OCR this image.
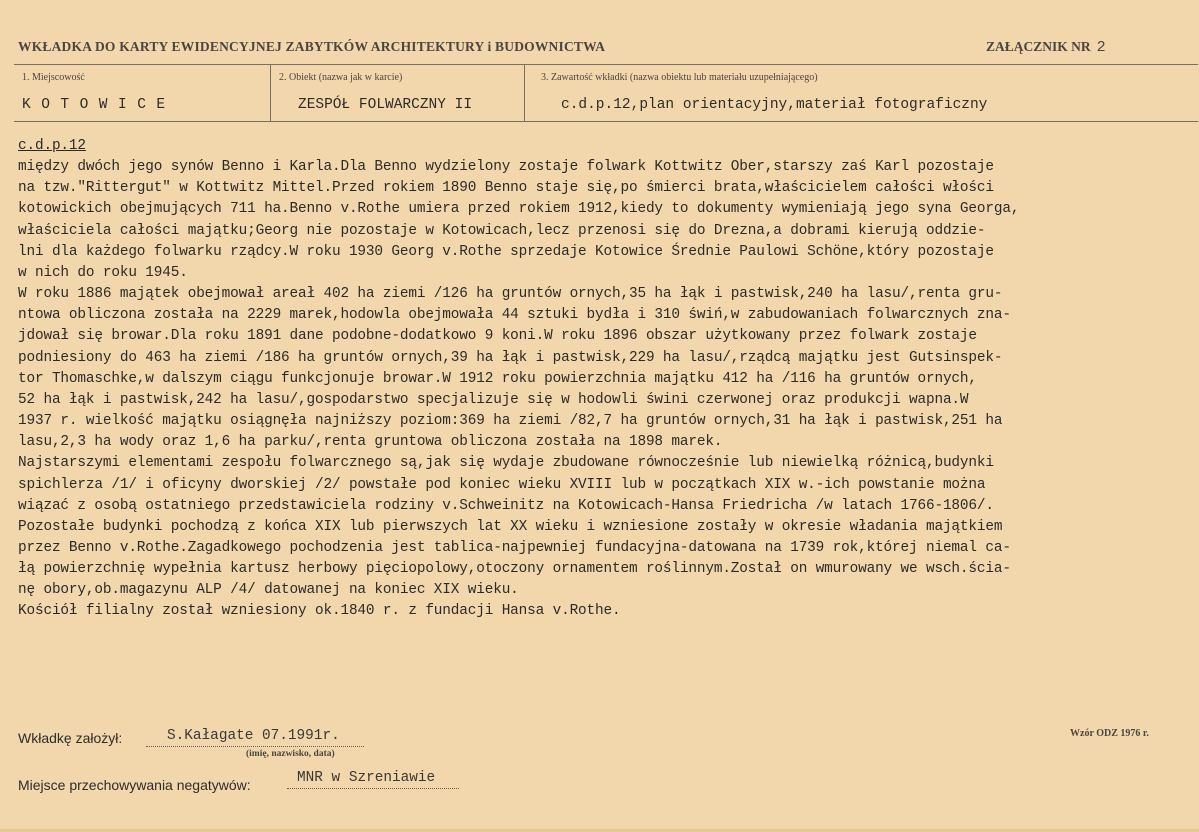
WKŁADKA DO KARTY EWIDENCYJNEJ ZABYTKÓW ARCHITEKTURY i BUDOWNICTWA	ZAŁĄCZNIK NR 2
1. Miejscowość
KOTOWICE
2. Obiekt (nazwa jak w karcie)
ZESPÓŁ FOLWARCZNY II
3. Zawartość wkładki (nazwa obiektu lub materiału uzupełniającego)
c.d.p.12,plan orientacyjny,materiał fotograficzny
c.d.p.12
między dwóch jego synów Benno i Karla.Dla Benno wydzielony zostaje folwark Kottwitz Ober,starszy zaś Karl pozostaje
na tzw."Rittergut" w Kottwitz Mittel.Przed rokiem 1890 Benno staje się,po śmierci brata,właścicielem całości włości
kotowickich obejmujących 711 ha.Benno v.Rothe umiera przed rokiem 1912,kiedy to dokumenty wymieniają jego syna Georga,
właściciela całości majątku;Georg nie pozostaje w Kotowicach,lecz przenosi się do Drezna,a dobrami kierują oddzie-
lni dla każdego folwarku rządcy.W roku 1930 Georg v.Rothe sprzedaje Kotowice Średnie Paulowi Schöne,który pozostaje
w nich do roku 1945.
W roku 1886 majątek obejmował areał 402 ha ziemi /126 ha gruntów ornych,35 ha łąk i pastwisk,240 ha lasu/,renta gru-
ntowa obliczona została na 2229 marek,hodowla obejmowała 44 sztuki bydła i 310 świń,w zabudowaniach folwarcznych zna-
jdował się browar.Dla roku 1891 dane podobne-dodatkowo 9 koni.W roku 1896 obszar użytkowany przez folwark zostaje
podniesiony do 463 ha ziemi /186 ha gruntów ornych,39 ha łąk i pastwisk,229 ha lasu/,rządcą majątku jest Gutsinspek-
tor Thomaschke,w dalszym ciągu funkcjonuje browar.W 1912 roku powierzchnia majątku 412 ha /116 ha gruntów ornych,
52 ha łąk i pastwisk,242 ha lasu/,gospodarstwo specjalizuje się w hodowli świni czerwonej oraz produkcji wapna.W
1937 r. wielkość majątku osiągnęła najniższy poziom:369 ha ziemi /82,7 ha gruntów ornych,31 ha łąk i pastwisk,251 ha
lasu,2,3 ha wody oraz 1,6 ha parku/,renta gruntowa obliczona została na 1898 marek.
Najstarszymi elementami zespołu folwarcznego są,jak się wydaje zbudowane równocześnie lub niewielką różnicą,budynki
spichlerza /1/ i oficyny dworskiej /2/ powstałe pod koniec wieku XVIII lub w początkach XIX w.-ich powstanie można
wiązać z osobą ostatniego przedstawiciela rodziny v.Schweinitz na Kotowicach-Hansa Friedricha /w latach 1766-1806/.
Pozostałe budynki pochodzą z końca XIX lub pierwszych lat XX wieku i wzniesione zostały w okresie władania majątkiem
przez Benno v.Rothe.Zagadkowego pochodzenia jest tablica-najpewniej fundacyjna-datowana na 1739 rok,której niemal ca-
łą powierzchnię wypełnia kartusz herbowy pięciopolowy,otoczony ornamentem roślinnym.Został on wmurowany we wsch.ścia-
nę obory,ob.magazynu ALP /4/ datowanej na koniec XIX wieku.
Kościół filialny został wzniesiony ok.1840 r. z fundacji Hansa v.Rothe.
Wkładkę założył:	S.Kałagate 07.1991r.
(imię, nazwisko, data)
Wzór ODZ 1976 r.
Miejsce przechowywania negatywów:	MNR w Szreniawie
